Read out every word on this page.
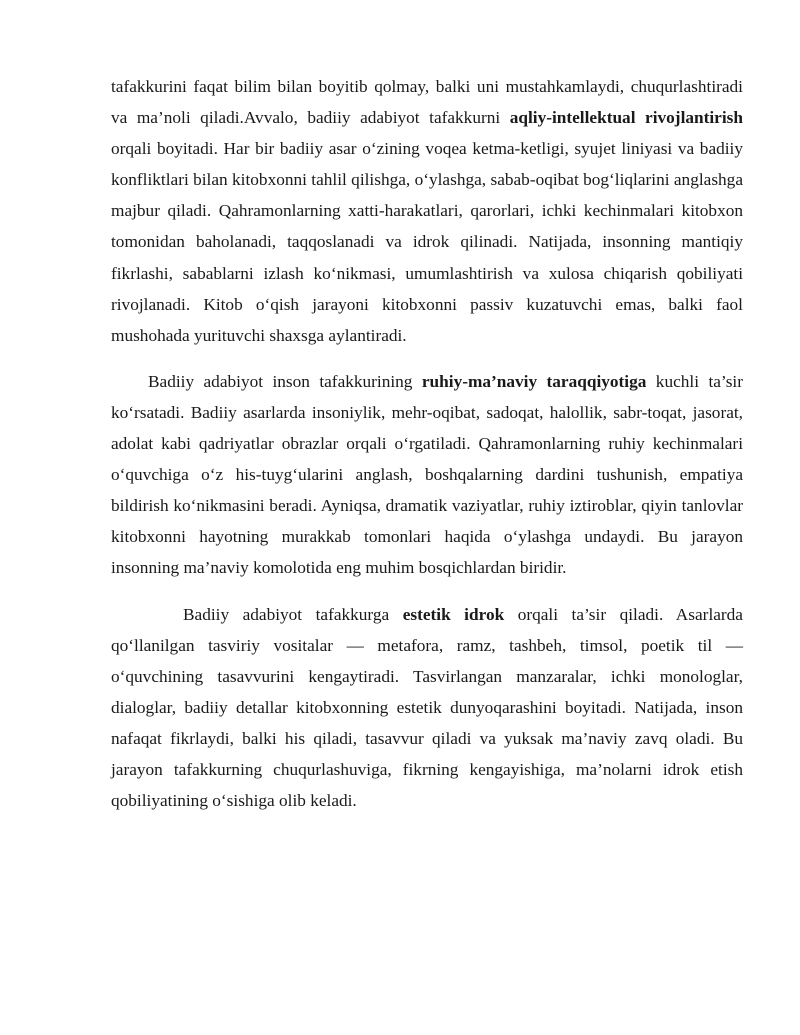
tafakkurini faqat bilim bilan boyitib qolmay, balki uni mustahkamlaydi, chuqurlashtiradi va ma’noli qiladi.Avvalo, badiiy adabiyot tafakkurni aqliy-intellektual rivojlantirish orqali boyitadi. Har bir badiiy asar o‘zining voqea ketma-ketligi, syujet liniyasi va badiiy konfliktlari bilan kitobxonni tahlil qilishga, o‘ylashga, sabab-oqibat bog‘liqlarini anglashga majbur qiladi. Qahramonlarning xatti-harakatlari, qarorlari, ichki kechinmalari kitobxon tomonidan baholanadi, taqqoslanadi va idrok qilinadi. Natijada, insonning mantiqiy fikrlashi, sabablarni izlash ko‘nikmasi, umumlashtirish va xulosa chiqarish qobiliyati rivojlanadi. Kitob o‘qish jarayoni kitobxonni passiv kuzatuvchi emas, balki faol mushohada yurituvchi shaxsga aylantiradi.

Badiiy adabiyot inson tafakkurining ruhiy-ma’naviy taraqqiyotiga kuchli ta’sir ko‘rsatadi. Badiiy asarlarda insoniylik, mehr-oqibat, sadoqat, halollik, sabr-toqat, jasorat, adolat kabi qadriyatlar obrazlar orqali o‘rgatiladi. Qahramonlarning ruhiy kechinmalari o‘quvchiga o‘z his-tuyg‘ularini anglash, boshqalarning dardini tushunish, empatiya bildirish ko‘nikmasini beradi. Ayniqsa, dramatik vaziyatlar, ruhiy iztiroblar, qiyin tanlovlar kitobxonni hayotning murakkab tomonlari haqida o‘ylashga undaydi. Bu jarayon insonning ma’naviy komolotida eng muhim bosqichlardan biridir.

Badiiy adabiyot tafakkurga estetik idrok orqali ta’sir qiladi. Asarlarda qo‘llanilgan tasviriy vositalar — metafora, ramz, tashbeh, timsol, poetik til — o‘quvchining tasavvurini kengaytiradi. Tasvirlangan manzaralar, ichki monologlar, dialoglar, badiiy detallar kitobxonning estetik dunyoqarashini boyitadi. Natijada, inson nafaqat fikrlaydi, balki his qiladi, tasavvur qiladi va yuksak ma’naviy zavq oladi. Bu jarayon tafakkurning chuqurlashuviga, fikrning kengayishiga, ma’nolarni idrok etish qobiliyatining o‘sishiga olib keladi.
